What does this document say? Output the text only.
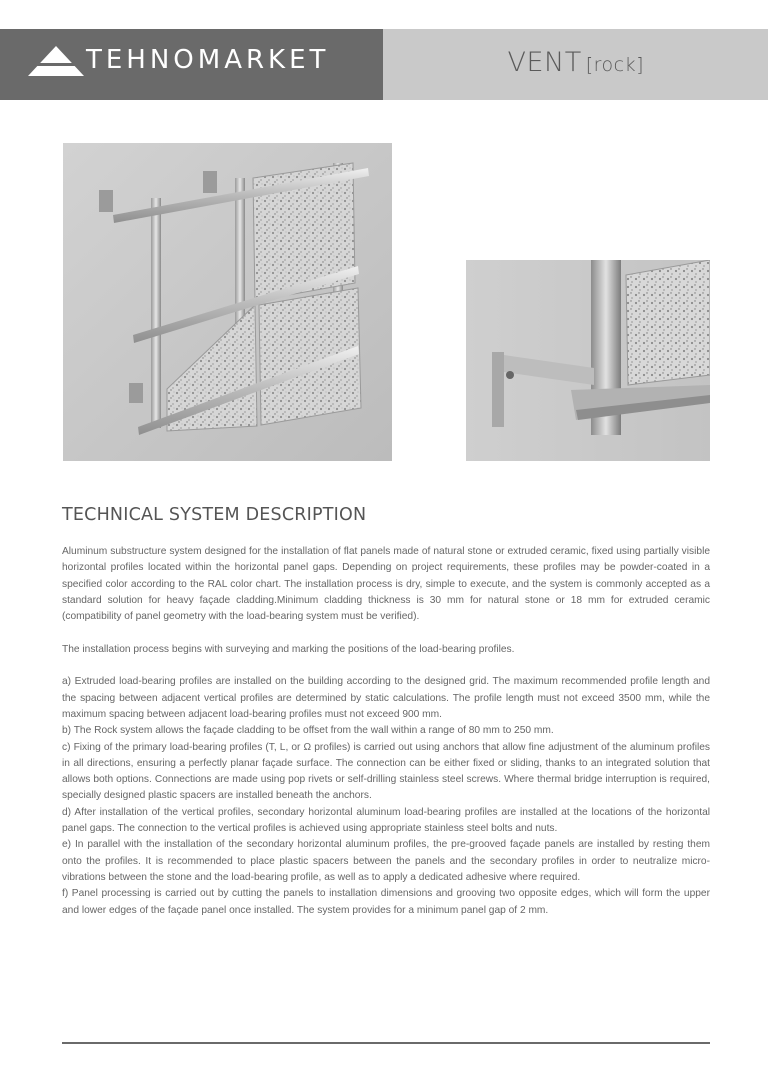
TEHNOMARKET	VENT [rock]
TECHNICAL SYSTEM DESCRIPTION

Aluminum substructure system designed for the installation of flat panels made of natural stone or extruded ceramic, fixed using partially visible horizontal profiles located within the horizontal panel gaps. Depending on project requirements, these profiles may be powder-coated in a specified color according to the RAL color chart. The installation process is dry, simple to execute, and the system is commonly accepted as a standard solution for heavy façade cladding.Minimum cladding thickness is 30 mm for natural stone or 18 mm for extruded ceramic (compatibility of panel geometry with the load-bearing system must be verified).

The installation process begins with surveying and marking the positions of the load-bearing profiles.

a) Extruded load-bearing profiles are installed on the building according to the designed grid. The maximum recommended profile length and the spacing between adjacent vertical profiles are determined by static calculations. The profile length must not exceed 3500 mm, while the maximum spacing between adjacent load-bearing profiles must not exceed 900 mm.

b) The Rock system allows the façade cladding to be offset from the wall within a range of 80 mm to 250 mm.

c) Fixing of the primary load-bearing profiles (T, L, or Ω profiles) is carried out using anchors that allow fine adjustment of the aluminum profiles in all directions, ensuring a perfectly planar façade surface. The connection can be either fixed or sliding, thanks to an integrated solution that allows both options. Connections are made using pop rivets or self-drilling stainless steel screws. Where thermal bridge interruption is required, specially designed plastic spacers are installed beneath the anchors.

d) After installation of the vertical profiles, secondary horizontal aluminum load-bearing profiles are installed at the locations of the horizontal panel gaps. The connection to the vertical profiles is achieved using appropriate stainless steel bolts and nuts.

e) In parallel with the installation of the secondary horizontal aluminum profiles, the pre-grooved façade panels are installed by resting them onto the profiles. It is recommended to place plastic spacers between the panels and the secondary profiles in order to neutralize micro-vibrations between the stone and the load-bearing profile, as well as to apply a dedicated adhesive where required.

f) Panel processing is carried out by cutting the panels to installation dimensions and grooving two opposite edges, which will form the upper and lower edges of the façade panel once installed. The system provides for a minimum panel gap of 2 mm.
